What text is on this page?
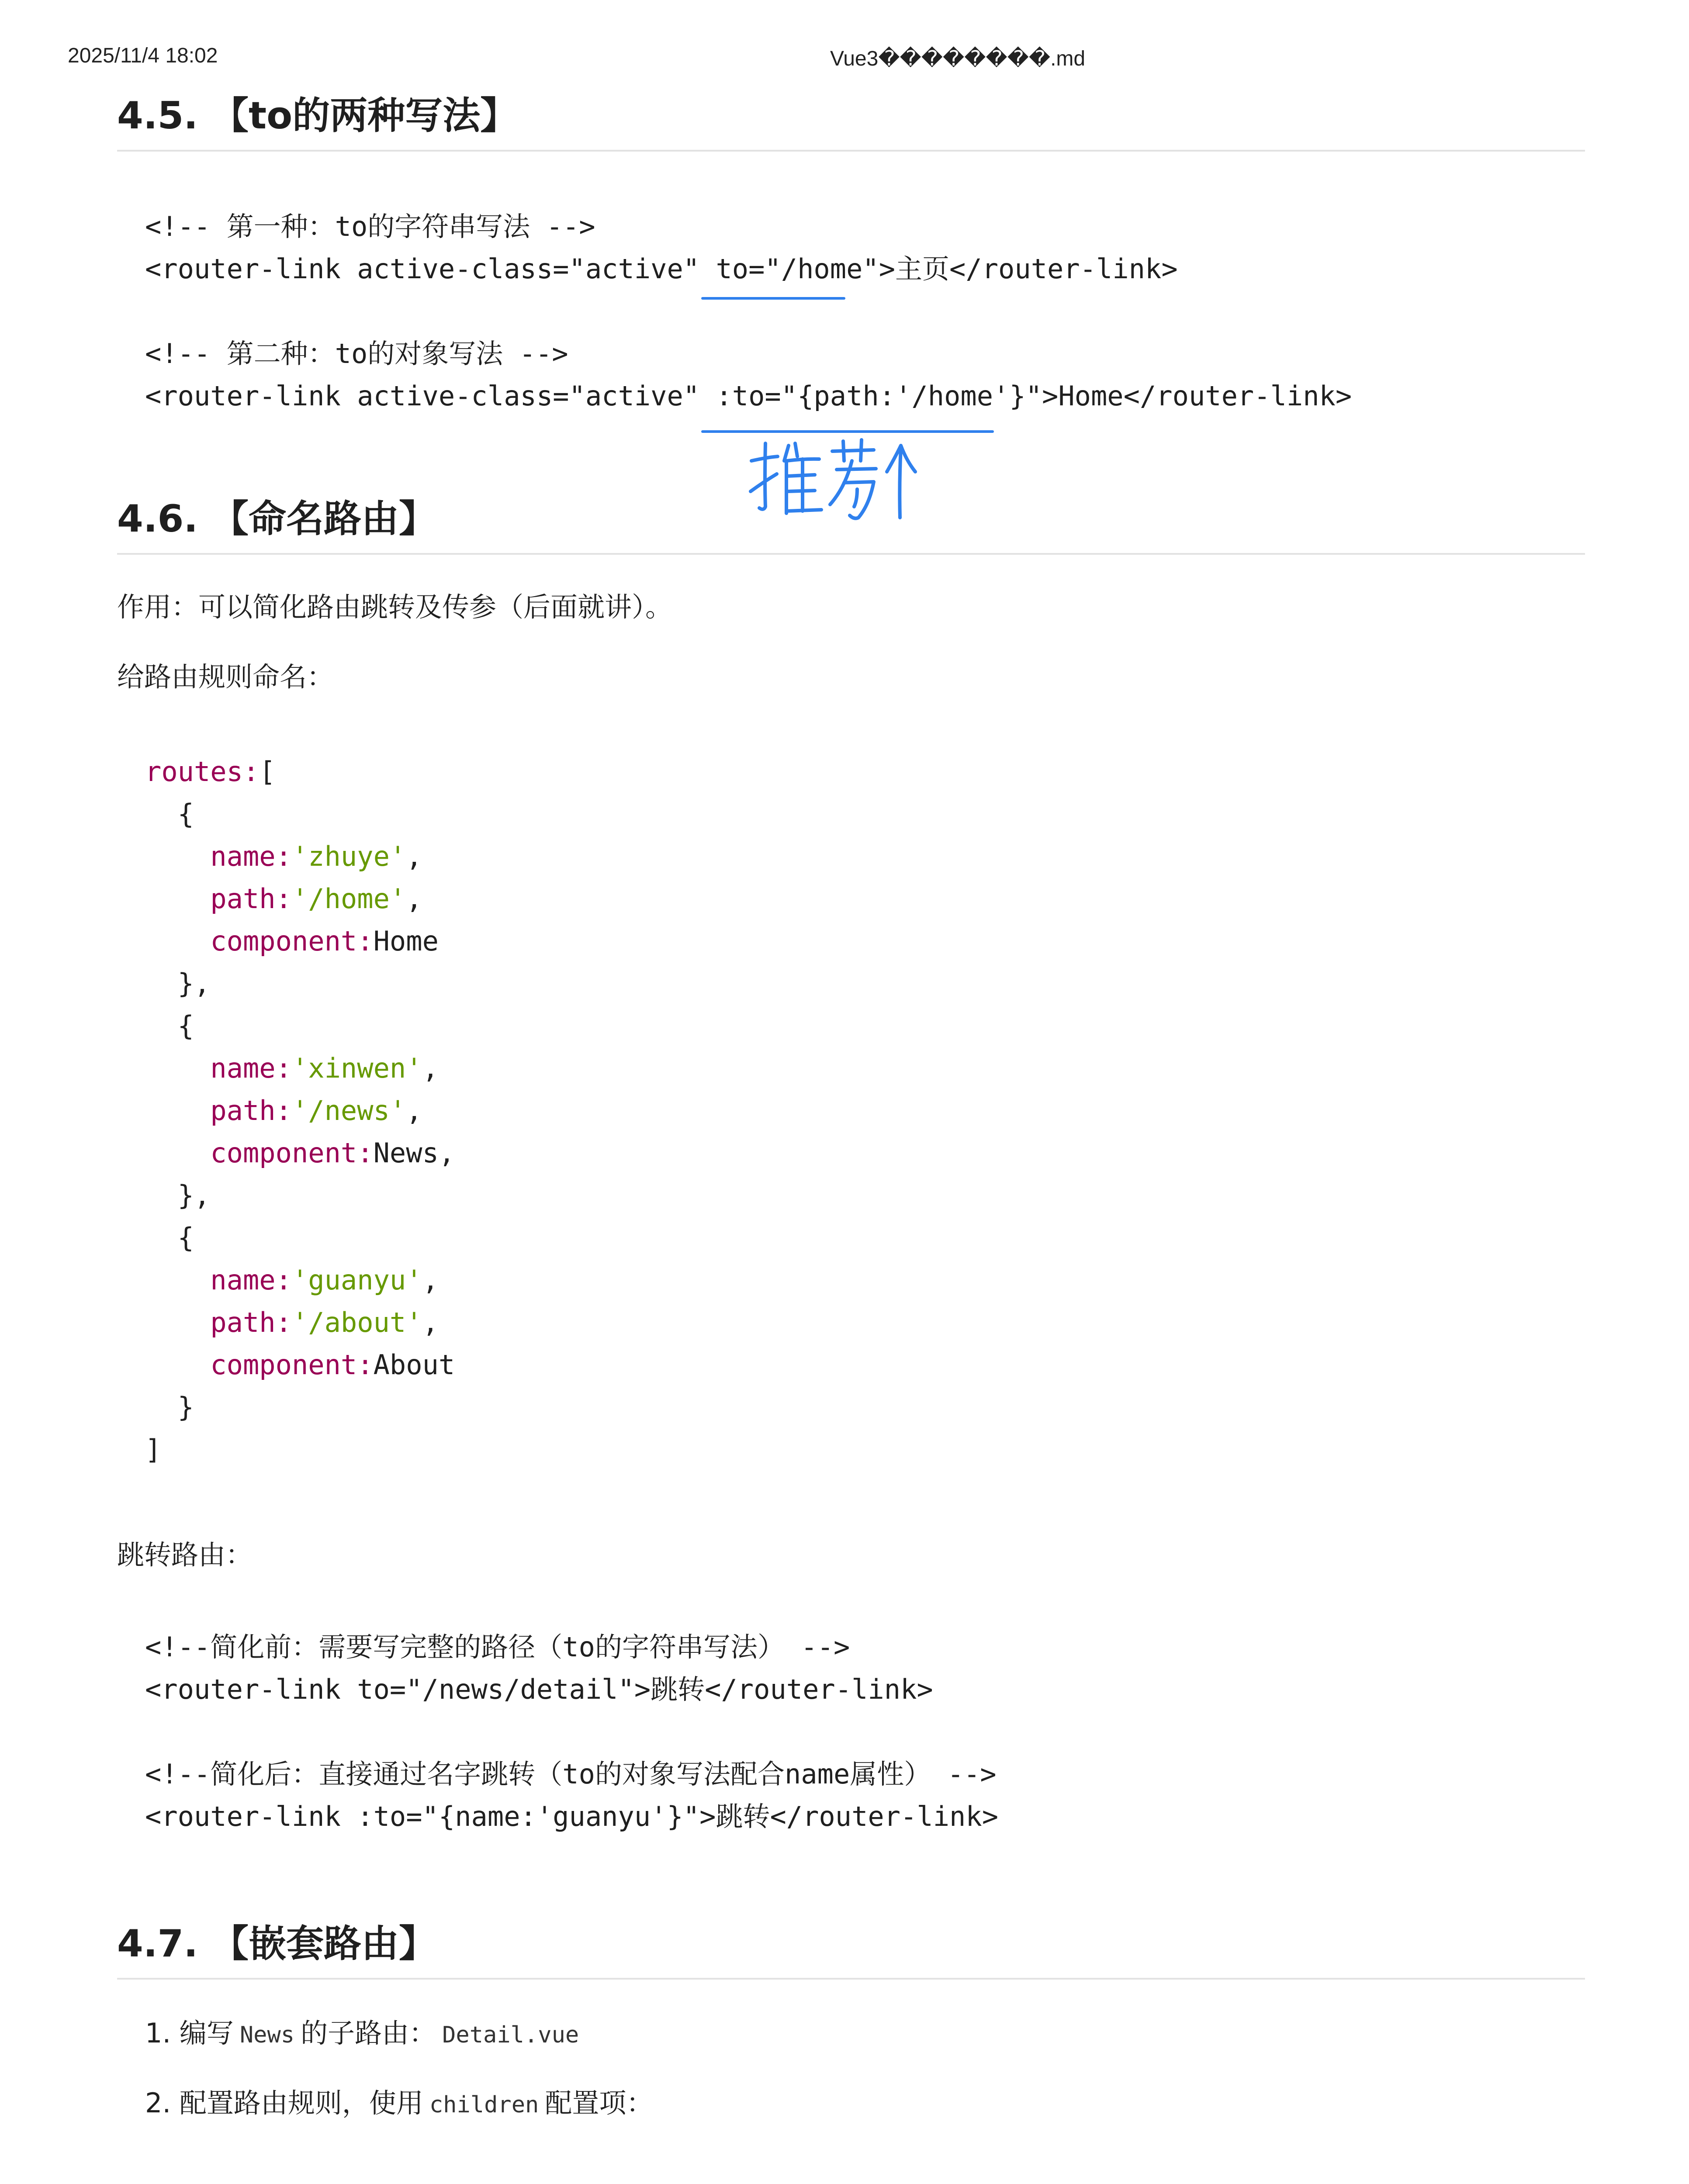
2025/11/4 18:02	Vue3��������.md
4.5. 【to的两种写法】
<!-- 第一种：to的字符串写法 -->
<router-link active-class="active" to="/home">主页</router-link>

<!-- 第二种：to的对象写法 -->
<router-link active-class="active" :to="{path:'/home'}">Home</router-link>
4.6. 【命名路由】
作用：可以简化路由跳转及传参（后面就讲）。
给路由规则命名：
routes:[
{
name:'zhuye',
path:'/home',
component:Home
},
{
name:'xinwen',
path:'/news',
component:News,
},
{
name:'guanyu',
path:'/about',
component:About
}
]
跳转路由：
<!--简化前：需要写完整的路径（to的字符串写法） -->
<router-link to="/news/detail">跳转</router-link>

<!--简化后：直接通过名字跳转（to的对象写法配合name属性） -->
<router-link :to="{name:'guanyu'}">跳转</router-link>
4.7. 【嵌套路由】
1. 编写 News 的子路由： Detail.vue
2. 配置路由规则，使用 children 配置项：
